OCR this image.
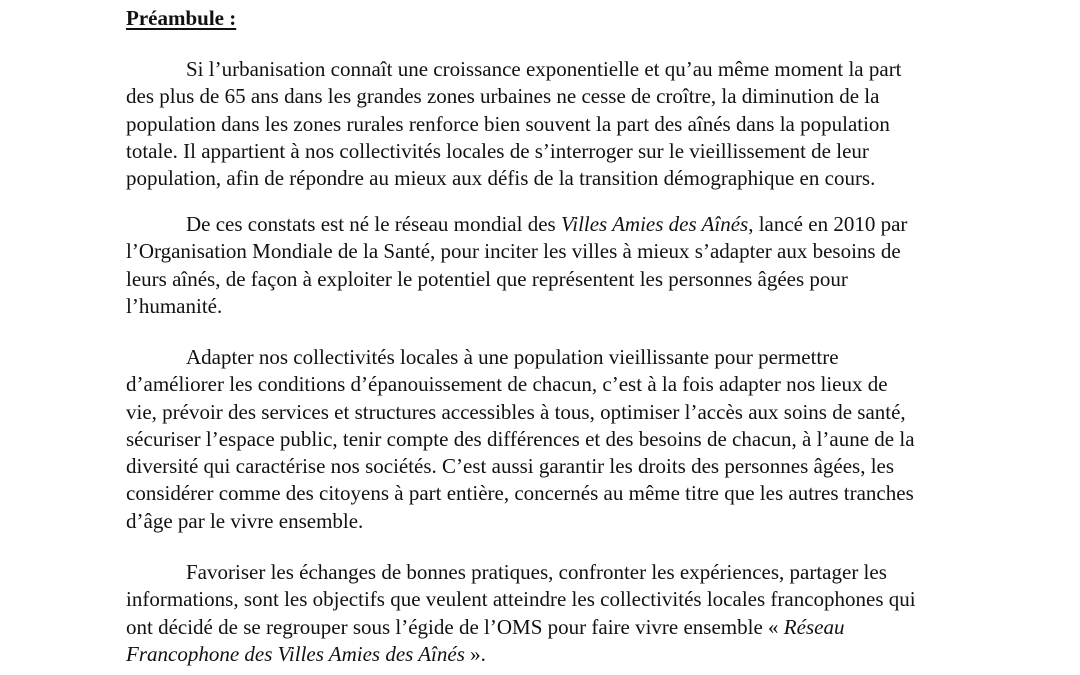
Préambule :
Si l’urbanisation connaît une croissance exponentielle et qu’au même moment la part
des plus de 65 ans dans les grandes zones urbaines ne cesse de croître, la diminution de la
population dans les zones rurales renforce bien souvent la part des aînés dans la population
totale. Il appartient à nos collectivités locales de s’interroger sur le vieillissement de leur
population, afin de répondre au mieux aux défis de la transition démographique en cours.
De ces constats est né le réseau mondial des Villes Amies des Aînés, lancé en 2010 par
l’Organisation Mondiale de la Santé, pour inciter les villes à mieux s’adapter aux besoins de
leurs aînés, de façon à exploiter le potentiel que représentent les personnes âgées pour
l’humanité.
Adapter nos collectivités locales à une population vieillissante pour permettre
d’améliorer les conditions d’épanouissement de chacun, c’est à la fois adapter nos lieux de
vie, prévoir des services et structures accessibles à tous, optimiser l’accès aux soins de santé,
sécuriser l’espace public, tenir compte des différences et des besoins de chacun, à l’aune de la
diversité qui caractérise nos sociétés. C’est aussi garantir les droits des personnes âgées, les
considérer comme des citoyens à part entière, concernés au même titre que les autres tranches
d’âge par le vivre ensemble.
Favoriser les échanges de bonnes pratiques, confronter les expériences, partager les
informations, sont les objectifs que veulent atteindre les collectivités locales francophones qui
ont décidé de se regrouper sous l’égide de l’OMS pour faire vivre ensemble « Réseau
Francophone des Villes Amies des Aînés ».
